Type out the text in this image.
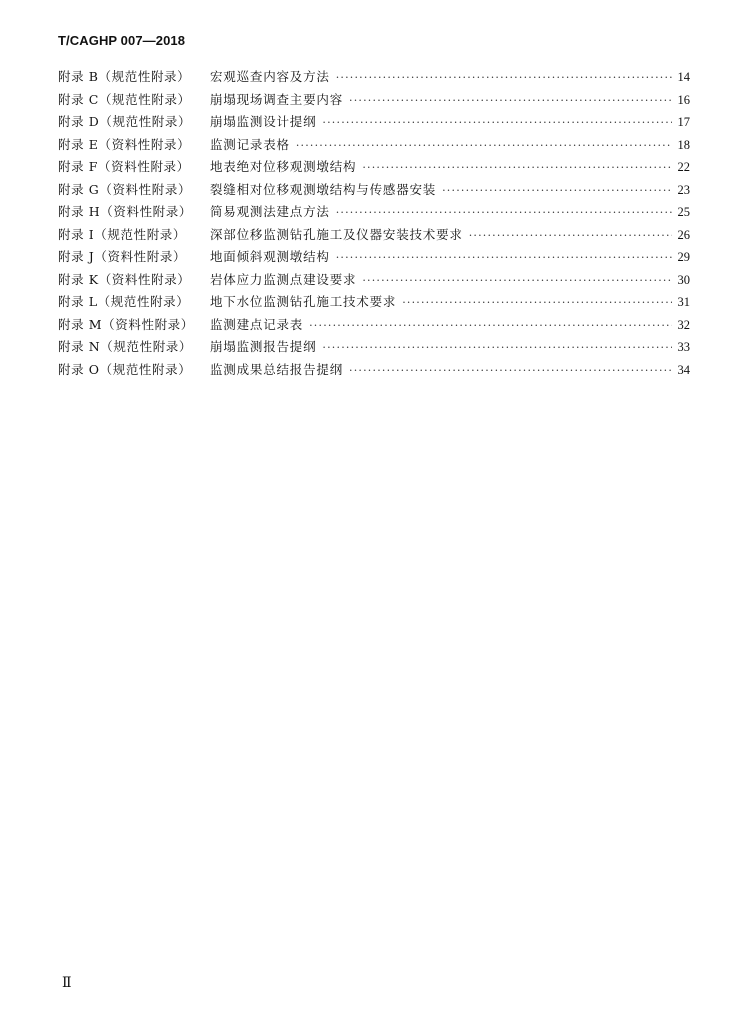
T/CAGHP 007—2018
附录 B（规范性附录）	宏观巡查内容及方法 ·····	14
附录 C（规范性附录）	崩塌现场调查主要内容 ·····	16
附录 D（规范性附录）	崩塌监测设计提纲 ·····	17
附录 E（资料性附录）	监测记录表格 ·····	18
附录 F（资料性附录）	地表绝对位移观测墩结构 ·····	22
附录 G（资料性附录）	裂缝相对位移观测墩结构与传感器安装 ·····	23
附录 H（资料性附录）	简易观测法建点方法 ·····	25
附录 I（规范性附录）	深部位移监测钻孔施工及仪器安装技术要求 ·····	26
附录 J（资料性附录）	地面倾斜观测墩结构 ·····	29
附录 K（资料性附录）	岩体应力监测点建设要求 ·····	30
附录 L（规范性附录）	地下水位监测钻孔施工技术要求 ·····	31
附录 M（资料性附录）	监测建点记录表 ·····	32
附录 N（规范性附录）	崩塌监测报告提纲 ·····	33
附录 O（规范性附录）	监测成果总结报告提纲 ·····	34
Ⅱ
